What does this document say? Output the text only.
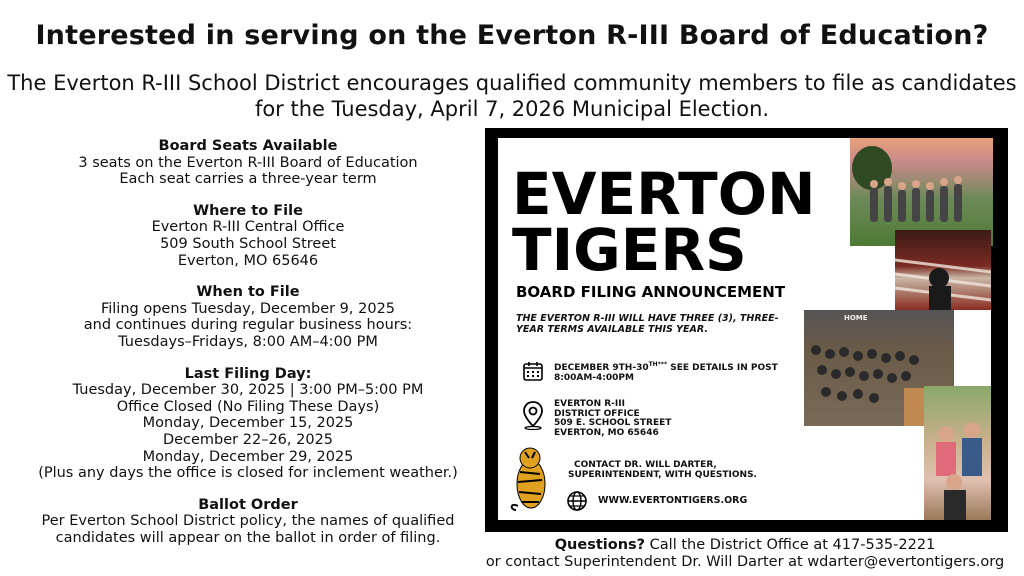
Interested in serving on the Everton R-III Board of Education?
The Everton R-III School District encourages qualified community members to file as candidates
for the Tuesday, April 7, 2026 Municipal Election.
Board Seats Available
3 seats on the Everton R-III Board of Education
Each seat carries a three-year term
Where to File
Everton R-III Central Office
509 South School Street
Everton, MO 65646
When to File
Filing opens Tuesday, December 9, 2025
and continues during regular business hours:
Tuesdays–Fridays, 8:00 AM–4:00 PM
Last Filing Day:
Tuesday, December 30, 2025 | 3:00 PM–5:00 PM
Office Closed (No Filing These Days)
Monday, December 15, 2025
December 22–26, 2025
Monday, December 29, 2025
(Plus any days the office is closed for inclement weather.)
Ballot Order
Per Everton School District policy, the names of qualified
candidates will appear on the ballot in order of filing.
EVERTON
TIGERS
BOARD FILING ANNOUNCEMENT
THE EVERTON R-III WILL HAVE THREE (3), THREE-YEAR TERMS AVAILABLE THIS YEAR.
DECEMBER $9TH-30^{TH***}$ SEE DETAILS IN POST
8:00AM-4:00PM
EVERTON R-III
DISTRICT OFFICE
509 E. SCHOOL STREET
EVERTON, MO 65646
CONTACT DR. WILL DARTER,
SUPERINTENDENT, WITH QUESTIONS.
WWW.EVERTONTIGERS.ORG
HOME
Questions? Call the District Office at 417-535-2221
or contact Superintendent Dr. Will Darter at wdarter@evertontigers.org
